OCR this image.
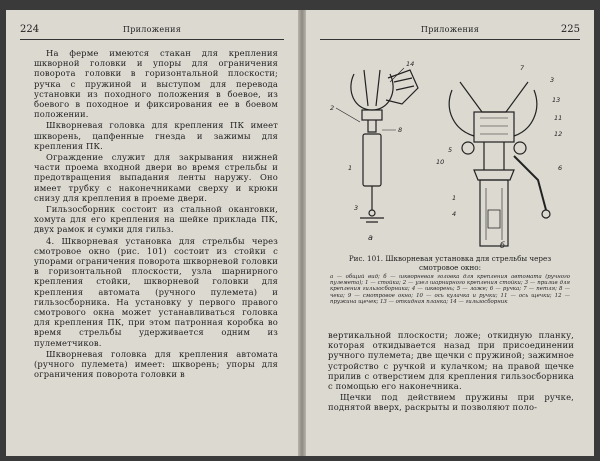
224	Приложения

На ферме имеются стакан для крепления шкворной головки и упоры для ограничения поворота головки в горизонтальной плоскости; ручка с пружиной и выступом для перевода установки из походного положения в боевое, из боевого в походное и фиксирования ее в боевом положении.

Шкворневая головка для крепления ПК имеет шкворень, цапфенные гнезда и зажимы для крепления ПК.

Ограждение служит для закрывания нижней части проема входной двери во время стрельбы и предотвращения выпадания ленты наружу. Оно имеет трубку с наконечниками сверху и крюки снизу для крепления в проеме двери.

Гильзосборник состоит из стальной оканrовки, хомута для его крепления на шейке приклада ПК, двух рамок и сумки для гильз.

4. Шкворневая установка для стрельбы через смотровое окно (рис. 101) состоит из стойки с упорами ограничения поворота шкворневой головки в горизонтальной плоскости, узла шарнирного крепления стойки, шкворневой головки для крепления автомата (ручного пулемета) и гильзосборника. На установку у первого правого смотрового окна может устанавливаться головка для крепления ПК, при этом патронная коробка во время стрельбы удерживается одним из пулеметчиков.

Шкворневая головка для крепления автомата (ручного пулемета) имеет: шкворень; упоры для ограничения поворота головки в

Приложения	225
2
14
8
1
3
а
7
3
13
5
11
12
10
6
1
4
б
Рис. 101. Шкворневая установка для стрельбы через смотровое окно:
а — общий вид; б — шкворневая головка для крепления автомата (ручного пулемета); 1 — стойка; 2 — узел шарнирного крепления стойки; 3 — прилив для крепления гильзосборника; 4 — шкворень; 5 — ложе; 6 — ручка; 7 — петля; 8 — чека; 9 — смотровое окно; 10 — ось кулачка и ручки; 11 — ось щечки; 12 — пружина щечек; 13 — откидная планка; 14 — гильзосборник

вертикальной плоскости; ложе; откидную планку, которая откидывается назад при присоединении ручного пулемета; две щечки с пружиной; зажимное устройство с ручкой и кулачком; на правой щечке прилив с отверстием для крепления гильзосборника с помощью его наконечника.

Щечки под действием пружины при ручке, поднятой вверх, раскрыты и позволяют поло-
